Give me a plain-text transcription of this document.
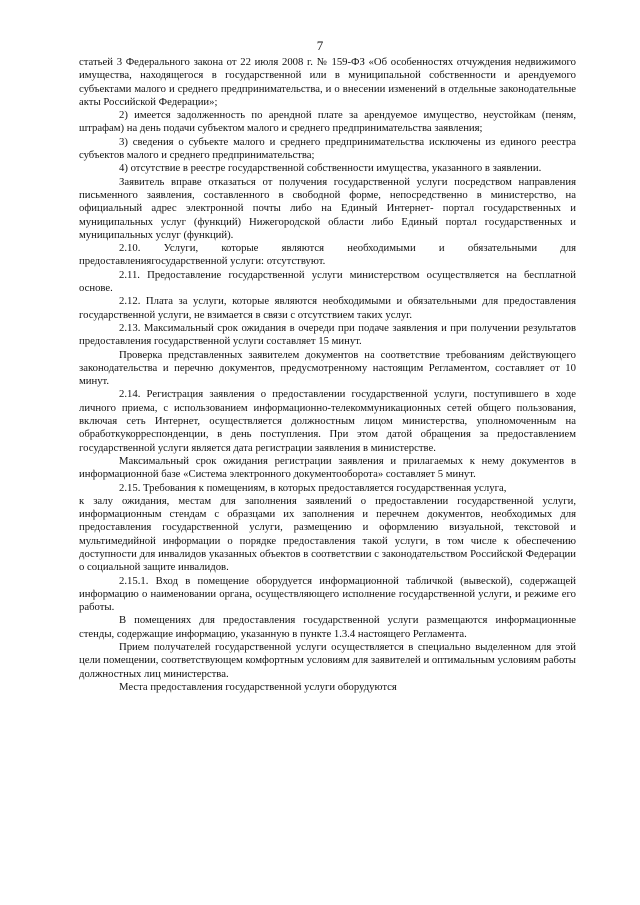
7

статьей 3 Федерального закона от 22 июля 2008 г. № 159-ФЗ «Об особенностях отчуждения недвижимого имущества, находящегося в государственной или в муниципальной собственности и арендуемого субъектами малого и среднего предпринимательства, и о внесении изменений в отдельные законодательные акты Российской Федерации»;

2) имеется задолженность по арендной плате за арендуемое имущество, неустойкам (пеням, штрафам) на день подачи субъектом малого и среднего предпринимательства заявления;

3) сведения о субъекте малого и среднего предпринимательства исключены из единого реестра субъектов малого и среднего предпринимательства;

4) отсутствие в реестре государственной собственности имущества, указанного в заявлении.

Заявитель вправе отказаться от получения государственной услуги посредством направления письменного заявления, составленного в свободной форме, непосредственно в министерство, на официальный адрес электронной почты либо на Единый Интернет- портал государственных и муниципальных услуг (функций) Нижегородской области либо Единый портал государственных и муниципальных услуг (функций).

2.10. Услуги, которые являются необходимыми и обязательными для предоставлениягосударственной услуги: отсутствуют.

2.11. Предоставление государственной услуги министерством осуществляется на бесплатной основе.

2.12. Плата за услуги, которые являются необходимыми и обязательными для предоставления государственной услуги, не взимается в связи с отсутствием таких услуг.

2.13. Максимальный срок ожидания в очереди при подаче заявления и при получении результатов предоставления государственной услуги составляет 15 минут.

Проверка представленных заявителем документов на соответствие требованиям действующего законодательства и перечню документов, предусмотренному настоящим Регламентом, составляет от 10 минут.

2.14. Регистрация заявления о предоставлении государственной услуги, поступившего в ходе личного приема, с использованием информационно-телекоммуникационных сетей общего пользования, включая сеть Интернет, осуществляется должностным лицом министерства, уполномоченным на обработкукорреспонденции, в день поступления. При этом датой обращения за предоставлением государственной услуги является дата регистрации заявления в министерстве.

Максимальный срок ожидания регистрации заявления и прилагаемых к нему документов в информационной базе «Система электронного документооборота» составляет 5 минут.

2.15. Требования к помещениям, в которых предоставляется государственная услуга,

к залу ожидания, местам для заполнения заявлений о предоставлении государственной услуги, информационным стендам с образцами их заполнения и перечнем документов, необходимых для предоставления государственной услуги, размещению и оформлению визуальной, текстовой и мультимедийной информации о порядке предоставления такой услуги, в том числе к обеспечению доступности для инвалидов указанных объектов в соответствии с законодательством Российской Федерации о социальной защите инвалидов.

2.15.1. Вход в помещение оборудуется информационной табличкой (вывеской), содержащей информацию о наименовании органа, осуществляющего исполнение государственной услуги, и режиме его работы.

В помещениях для предоставления государственной услуги размещаются информационные стенды, содержащие информацию, указанную в пункте 1.3.4 настоящего Регламента.

Прием получателей государственной услуги осуществляется в специально выделенном для этой цели помещении, соответствующем комфортным условиям для заявителей и оптимальным условиям работы должностных лиц министерства.

Места предоставления государственной услуги оборудуются
